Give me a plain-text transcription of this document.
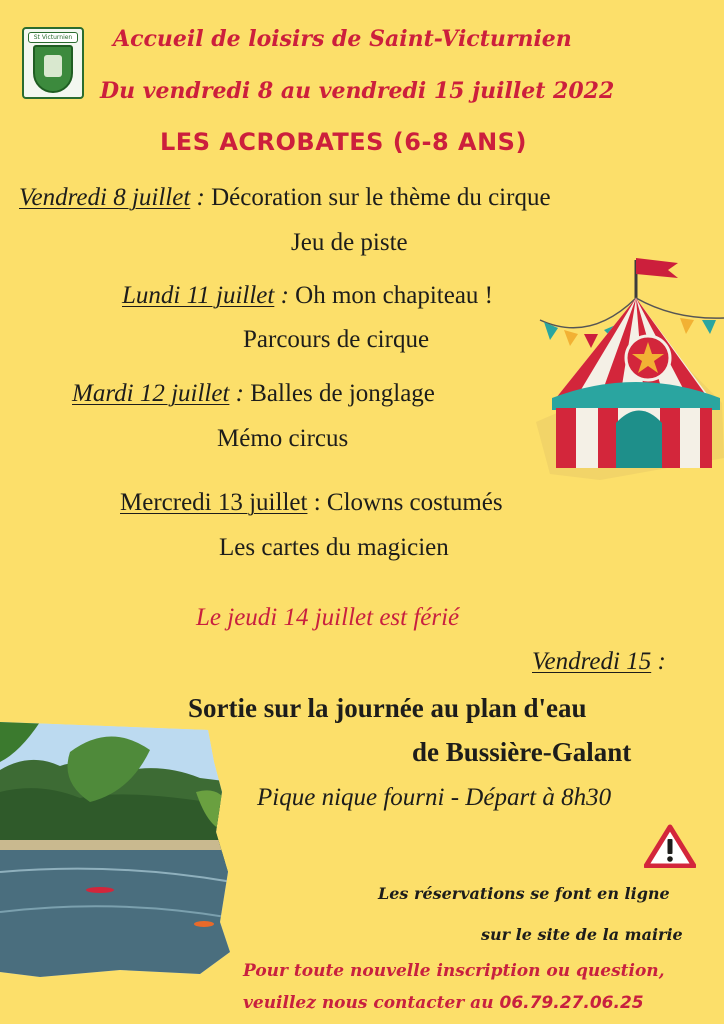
St Victurnien Accueil de loisirs de Saint-Victurnien
Du vendredi 8 au vendredi 15 juillet 2022
LES ACROBATES (6-8 ANS)
Vendredi 8 juillet : Décoration sur le thème du cirque
Jeu de piste
Lundi 11 juillet : Oh mon chapiteau !
Parcours de cirque
Mardi 12 juillet : Balles de jonglage
Mémo circus
Mercredi 13 juillet : Clowns costumés
Les cartes du magicien
Le jeudi 14 juillet est férié
Vendredi 15 :
Sortie sur la journée au plan d'eau
de Bussière-Galant
Pique nique fourni - Départ à 8h30
Les réservations se font en ligne
sur le site de la mairie
Pour toute nouvelle inscription ou question,
veuillez nous contacter au 06.79.27.06.25
